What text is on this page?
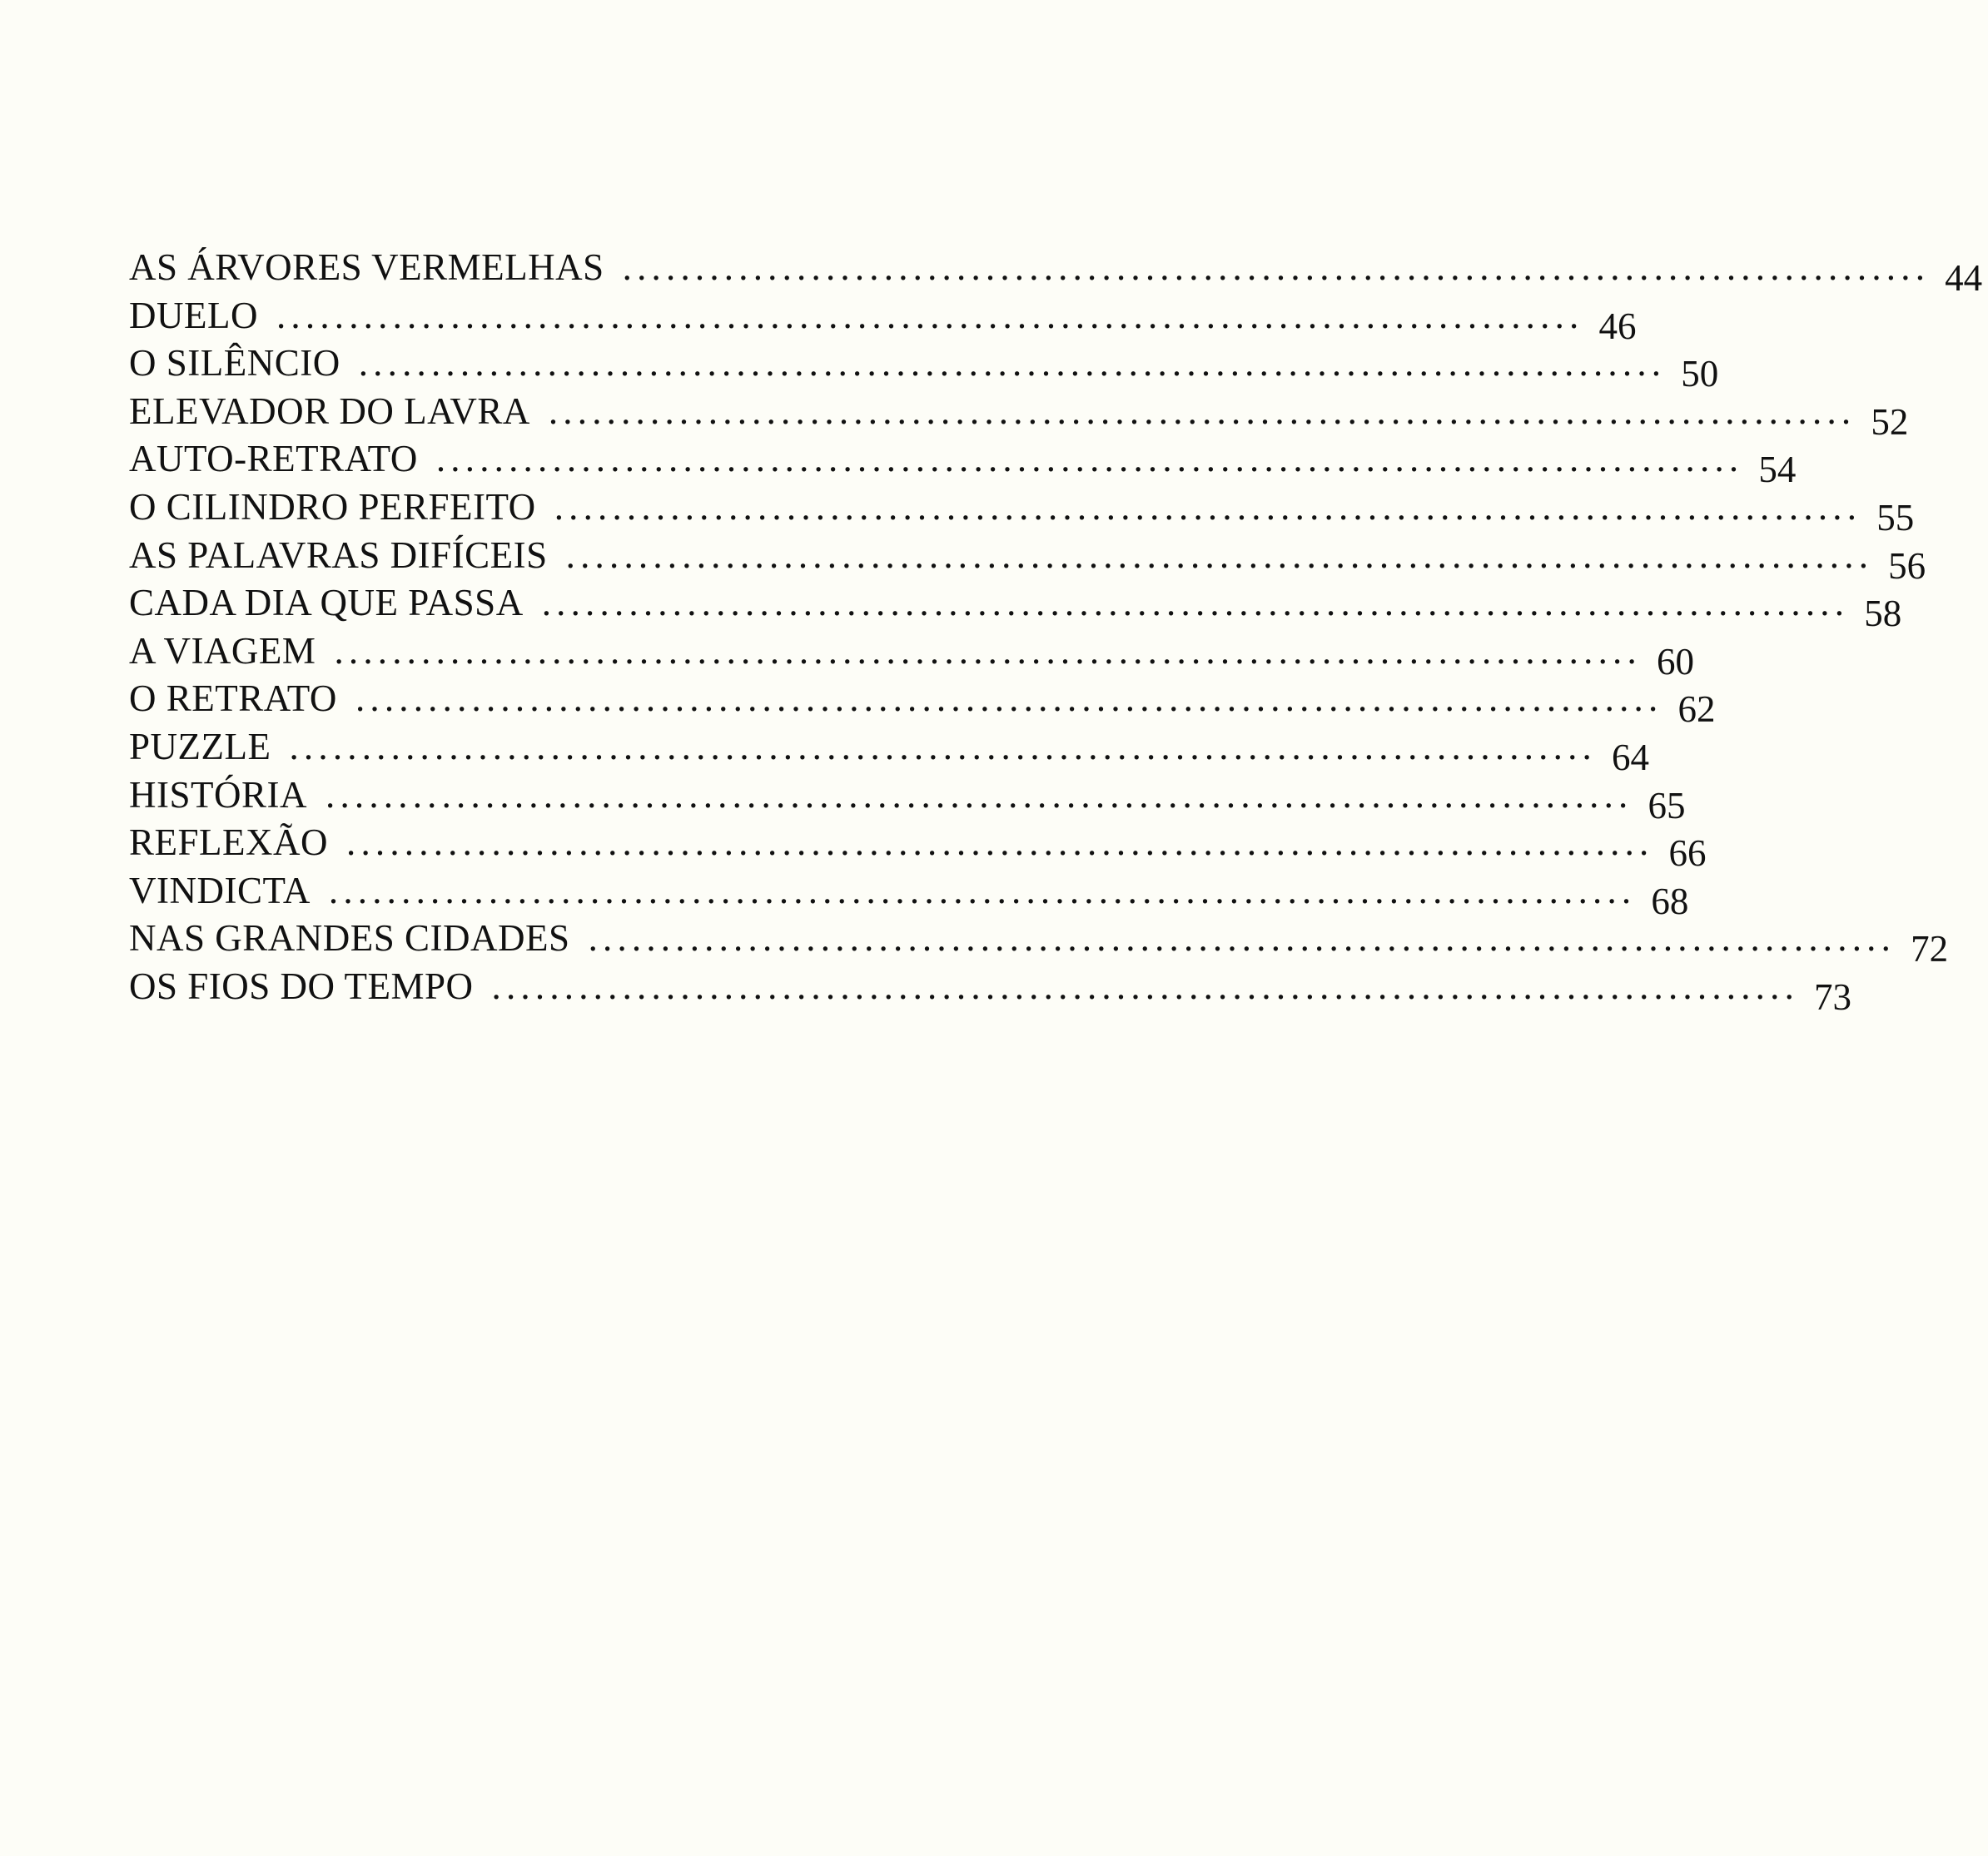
AS ÁRVORES VERMELHAS .......................................................................................... 44
DUELO .......................................................................................... 46
O SILÊNCIO .......................................................................................... 50
ELEVADOR DO LAVRA .......................................................................................... 52
AUTO-RETRATO .......................................................................................... 54
O CILINDRO PERFEITO .......................................................................................... 55
AS PALAVRAS DIFÍCEIS .......................................................................................... 56
CADA DIA QUE PASSA .......................................................................................... 58
A VIAGEM .......................................................................................... 60
O RETRATO .......................................................................................... 62
PUZZLE .......................................................................................... 64
HISTÓRIA .......................................................................................... 65
REFLEXÃO .......................................................................................... 66
VINDICTA .......................................................................................... 68
NAS GRANDES CIDADES .......................................................................................... 72
OS FIOS DO TEMPO .......................................................................................... 73
